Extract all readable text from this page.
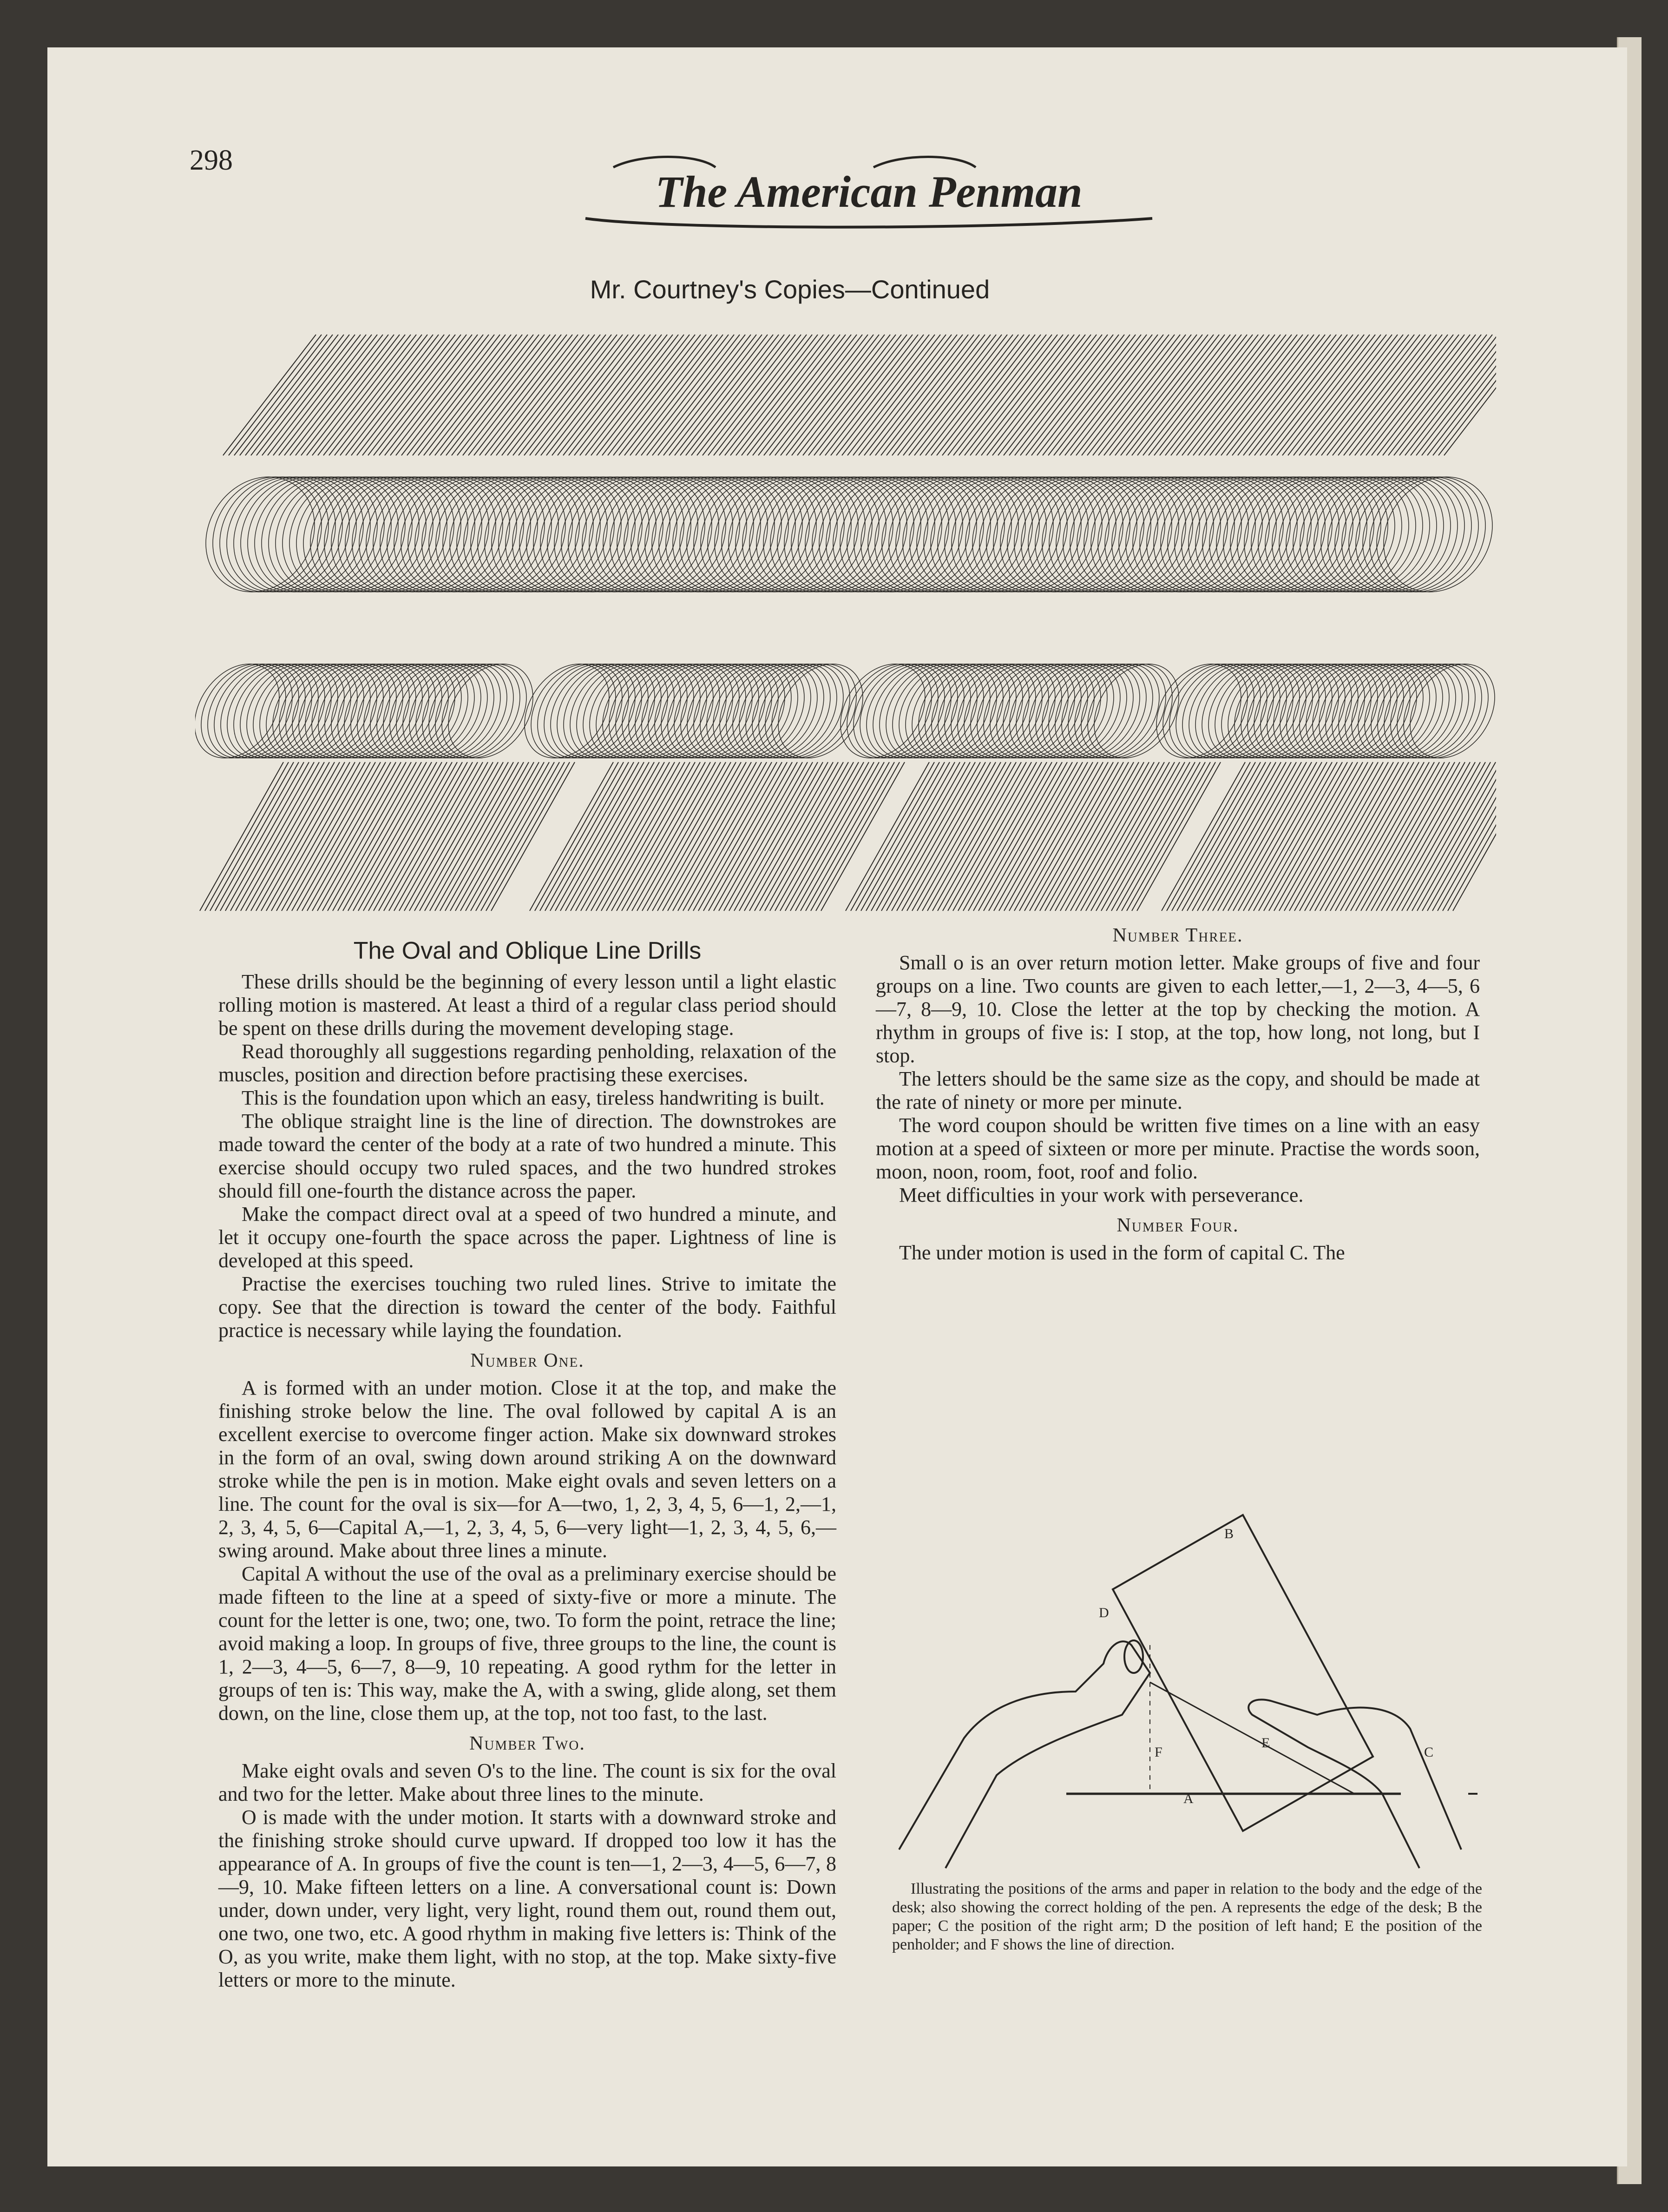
298
The American Penman
Mr. Courtney's Copies—Continued
The Oval and Oblique Line Drills

These drills should be the beginning of every lesson until a light elastic rolling motion is mastered. At least a third of a regular class period should be spent on these drills during the movement developing stage.

Read thoroughly all suggestions regarding penholding, relaxation of the muscles, position and direction before practising these exercises.

This is the foundation upon which an easy, tireless handwriting is built.

The oblique straight line is the line of direction. The downstrokes are made toward the center of the body at a rate of two hundred a minute. This exercise should occupy two ruled spaces, and the two hundred strokes should fill one-fourth the distance across the paper.

Make the compact direct oval at a speed of two hundred a minute, and let it occupy one-fourth the space across the paper. Lightness of line is developed at this speed.

Practise the exercises touching two ruled lines. Strive to imitate the copy. See that the direction is toward the center of the body. Faithful practice is necessary while laying the foundation.

Number One.

A is formed with an under motion. Close it at the top, and make the finishing stroke below the line. The oval followed by capital A is an excellent exercise to overcome finger action. Make six downward strokes in the form of an oval, swing down around striking A on the downward stroke while the pen is in motion. Make eight ovals and seven letters on a line. The count for the oval is six—for A—two, 1, 2, 3, 4, 5, 6—1, 2,—1, 2, 3, 4, 5, 6—Capital A,—1, 2, 3, 4, 5, 6—very light—1, 2, 3, 4, 5, 6,—swing around. Make about three lines a minute.

Capital A without the use of the oval as a preliminary exercise should be made fifteen to the line at a speed of sixty-five or more a minute. The count for the letter is one, two; one, two. To form the point, retrace the line; avoid making a loop. In groups of five, three groups to the line, the count is 1, 2—3, 4—5, 6—7, 8—9, 10 repeating. A good rythm for the letter in groups of ten is: This way, make the A, with a swing, glide along, set them down, on the line, close them up, at the top, not too fast, to the last.

Number Two.

Make eight ovals and seven O's to the line. The count is six for the oval and two for the letter. Make about three lines to the minute.

O is made with the under motion. It starts with a downward stroke and the finishing stroke should curve upward. If dropped too low it has the appearance of A. In groups of five the count is ten—1, 2—3, 4—5, 6—7, 8—9, 10. Make fifteen letters on a line. A conversational count is: Down under, down under, very light, very light, round them out, round them out, one two, one two, etc. A good rhythm in making five letters is: Think of the O, as you write, make them light, with no stop, at the top. Make sixty-five letters or more to the minute.

Number Three.

Small o is an over return motion letter. Make groups of five and four groups on a line. Two counts are given to each letter,—1, 2—3, 4—5, 6—7, 8—9, 10. Close the letter at the top by checking the motion. A rhythm in groups of five is: I stop, at the top, how long, not long, but I stop.

The letters should be the same size as the copy, and should be made at the rate of ninety or more per minute.

The word coupon should be written five times on a line with an easy motion at a speed of sixteen or more per minute. Practise the words soon, moon, noon, room, foot, roof and folio.

Meet difficulties in your work with perseverance.

Number Four.

The under motion is used in the form of capital C. The

A
B
C
D
E
F
Illustrating the positions of the arms and paper in relation to the body and the edge of the desk; also showing the correct holding of the pen. A represents the edge of the desk; B the paper; C the position of the right arm; D the position of left hand; E the position of the penholder; and F shows the line of direction.
